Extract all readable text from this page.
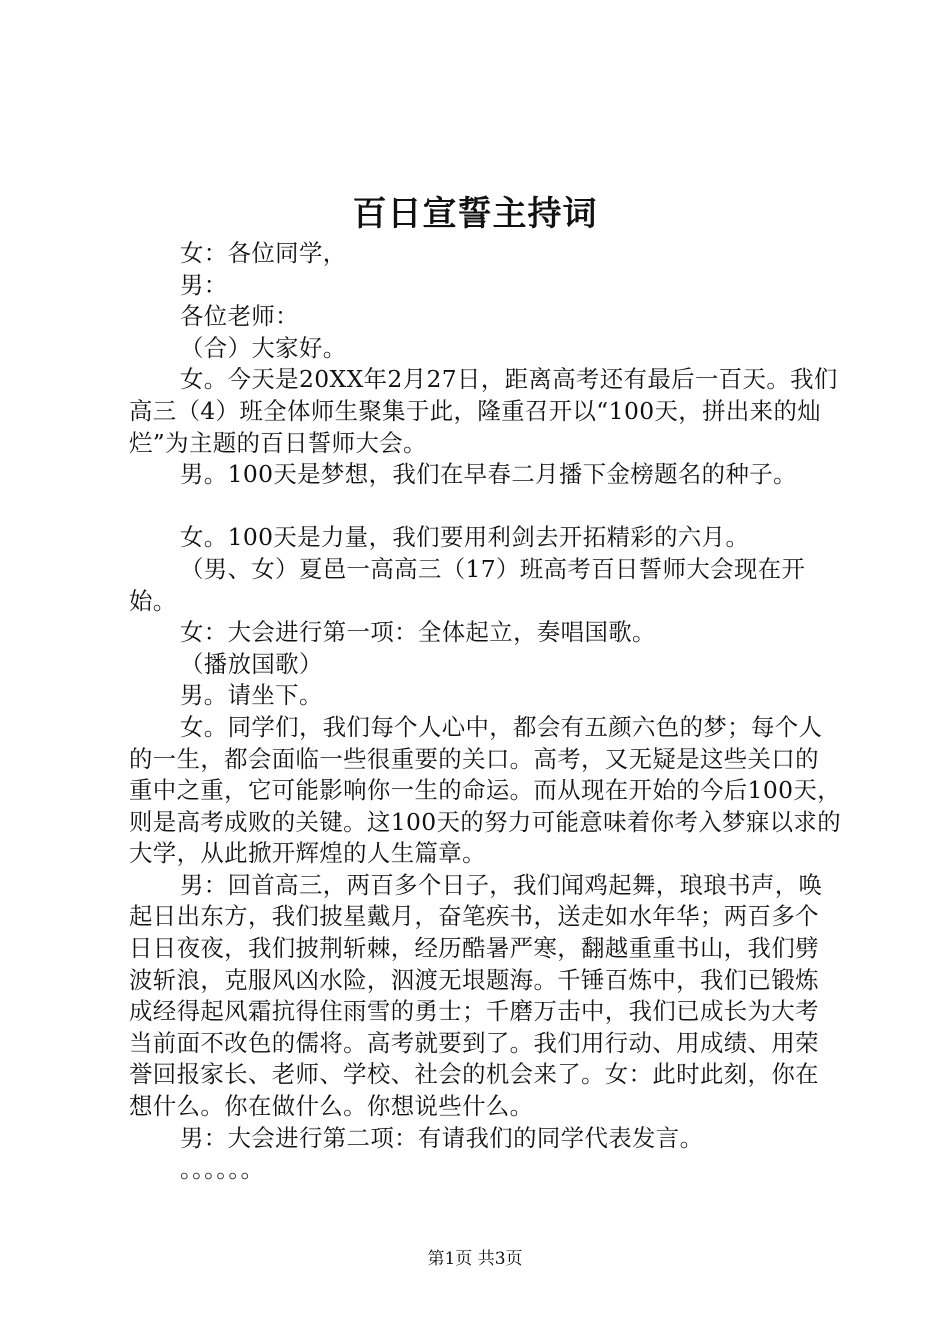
百日宣誓主持词

女：各位同学，

男：

各位老师：

（合）大家好。

女。今天是20XX年2月27日，距离高考还有最后一百天。我们高三（4）班全体师生聚集于此，隆重召开以“100天，拼出来的灿烂”为主题的百日誓师大会。

男。100天是梦想，我们在早春二月播下金榜题名的种子。

女。100天是力量，我们要用利剑去开拓精彩的六月。

（男、女）夏邑一高高三（17）班高考百日誓师大会现在开始。

女：大会进行第一项：全体起立，奏唱国歌。

（播放国歌）

男。请坐下。

女。同学们，我们每个人心中，都会有五颜六色的梦；每个人的一生，都会面临一些很重要的关口。高考，又无疑是这些关口的重中之重，它可能影响你一生的命运。而从现在开始的今后100天，则是高考成败的关键。这100天的努力可能意味着你考入梦寐以求的大学，从此掀开辉煌的人生篇章。

男：回首高三，两百多个日子，我们闻鸡起舞，琅琅书声，唤起日出东方，我们披星戴月，奋笔疾书，送走如水年华；两百多个日日夜夜，我们披荆斩棘，经历酷暑严寒，翻越重重书山，我们劈波斩浪，克服风凶水险，泅渡无垠题海。千锤百炼中，我们已锻炼成经得起风霜抗得住雨雪的勇士；千磨万击中，我们已成长为大考当前面不改色的儒将。高考就要到了。我们用行动、用成绩、用荣誉回报家长、老师、学校、社会的机会来了。女：此时此刻，你在想什么。你在做什么。你想说些什么。

男：大会进行第二项：有请我们的同学代表发言。

。。。。。。

第1页 共3页
